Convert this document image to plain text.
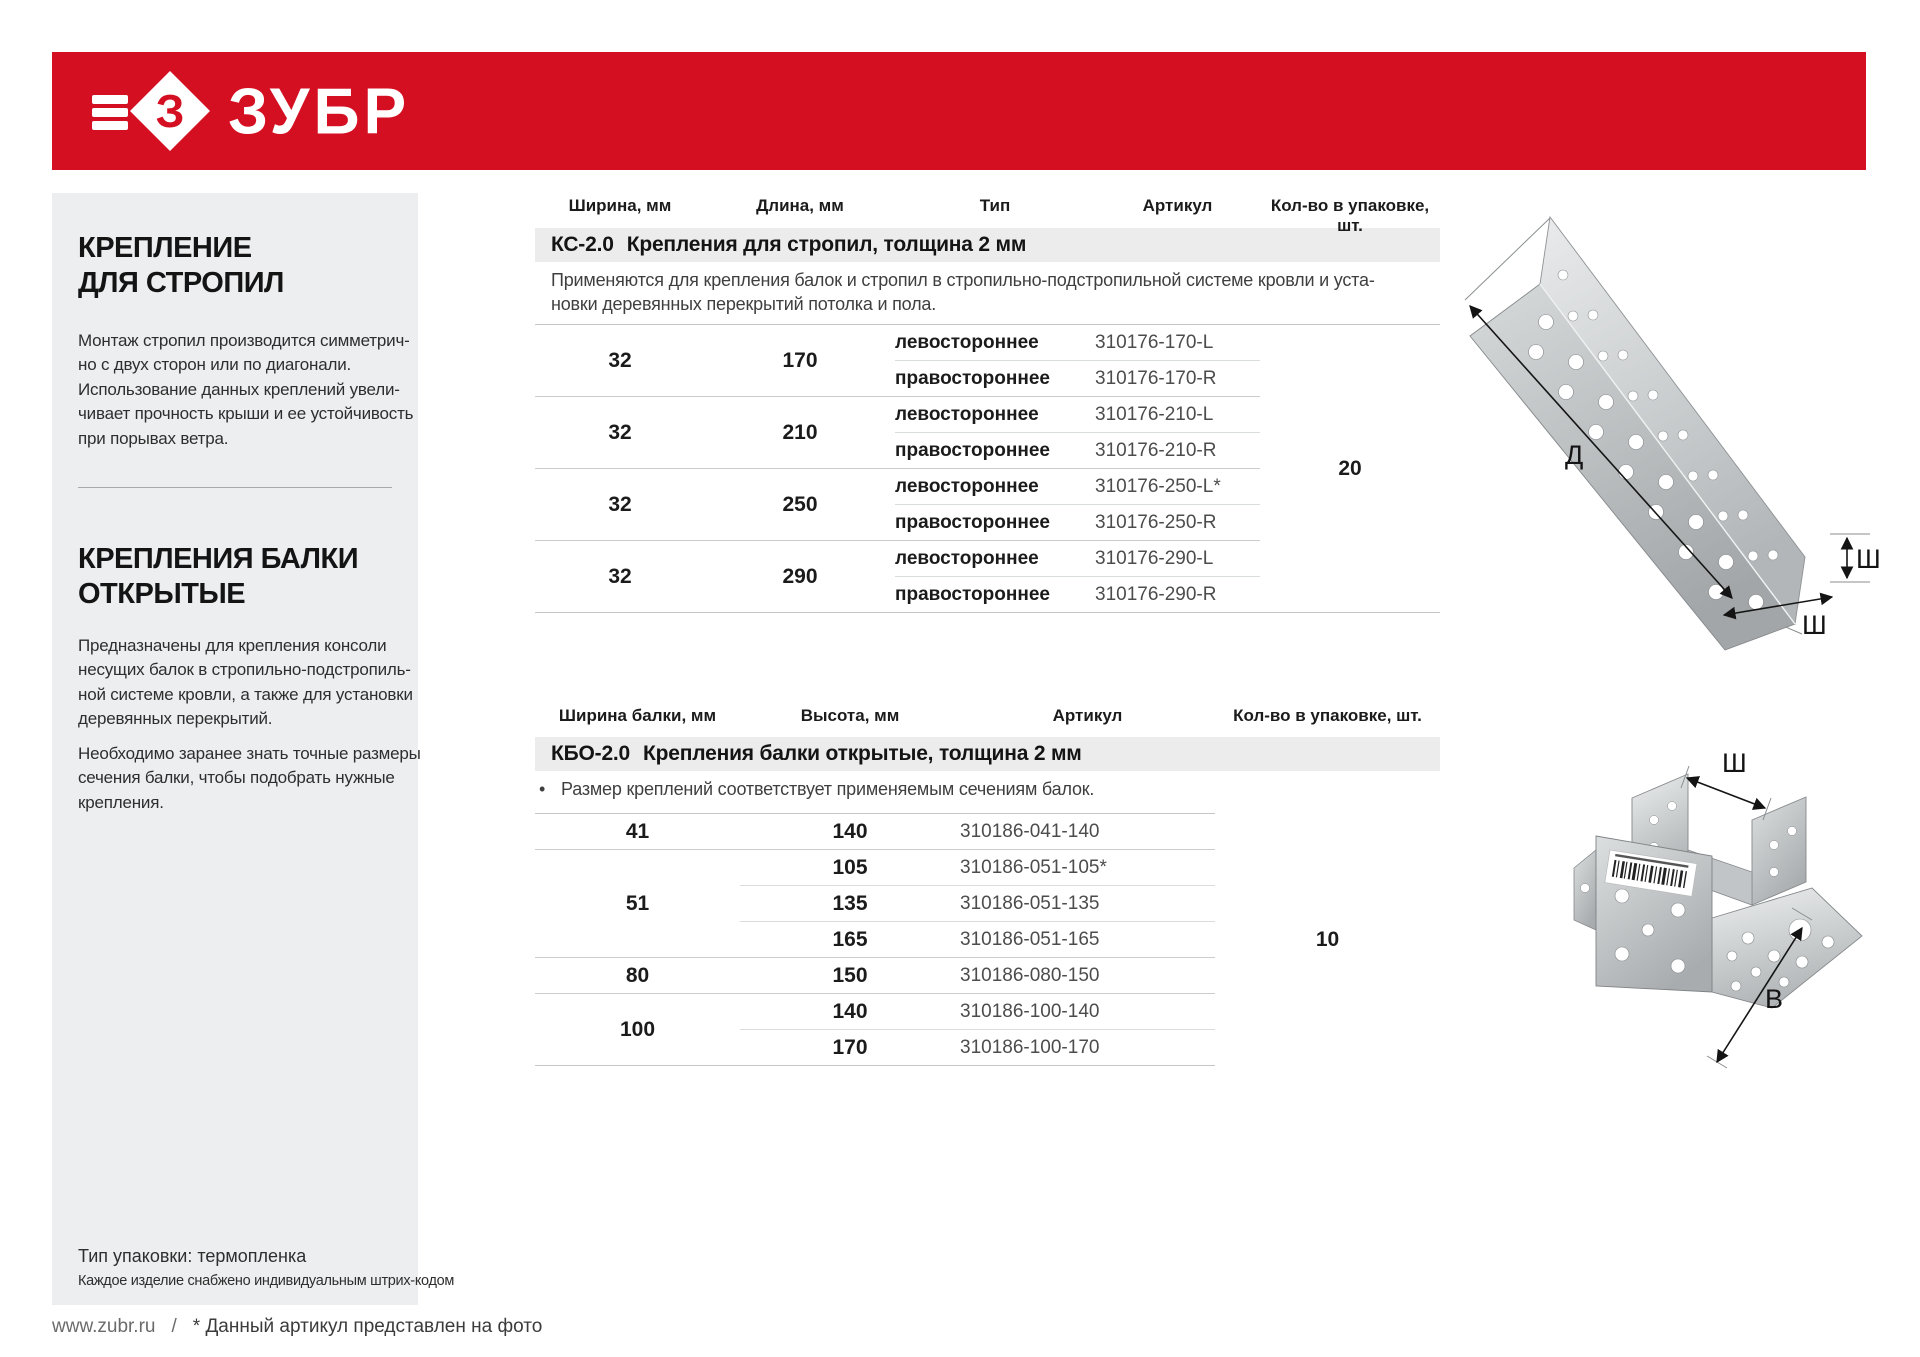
З ЗУБР
КРЕПЛЕНИЕ
ДЛЯ СТРОПИЛ
Монтаж стропил производится симметрич-
но с двух сторон или по диагонали.
Использование данных креплений увели-
чивает прочность крыши и ее устойчивость
при порывах ветра.
КРЕПЛЕНИЯ БАЛКИ
ОТКРЫТЫЕ
Предназначены для крепления консоли
несущих балок в стропильно-подстропиль-
ной системе кровли, а также для установки
деревянных перекрытий.
Необходимо заранее знать точные размеры
сечения балки, чтобы подобрать нужные
крепления.
Тип упаковки: термопленка
Каждое изделие снабжено индивидуальным штрих-кодом
Ширина, мм	Длина, мм	Тип	Артикул	Кол-во в упаковке, шт.
КС-2.0 Крепления для стропил, толщина 2 мм
Применяются для крепления балок и стропил в стропильно-подстропильной системе кровли и уста-
новки деревянных перекрытий потолка и пола.
32	170	левостороннее	310176-170-L	20
		правостороннее	310176-170-R	
32	210	левостороннее	310176-210-L	
		правостороннее	310176-210-R	
32	250	левостороннее	310176-250-L*	
		правостороннее	310176-250-R	
32	290	левостороннее	310176-290-L	
		правостороннее	310176-290-R	
Ширина балки, мм	Высота, мм	Артикул	Кол-во в упаковке, шт.
КБО-2.0 Крепления балки открытые, толщина 2 мм
• Размер креплений соответствует применяемым сечениям балок.
41	140	310186-041-140	10
51	105	310186-051-105*	
	135	310186-051-135	
	165	310186-051-165	
80	150	310186-080-150	
100	140	310186-100-140	
	170	310186-100-170	
Д
Ш
Ш
Ш
В
www.zubr.ru / * Данный артикул представлен на фото
